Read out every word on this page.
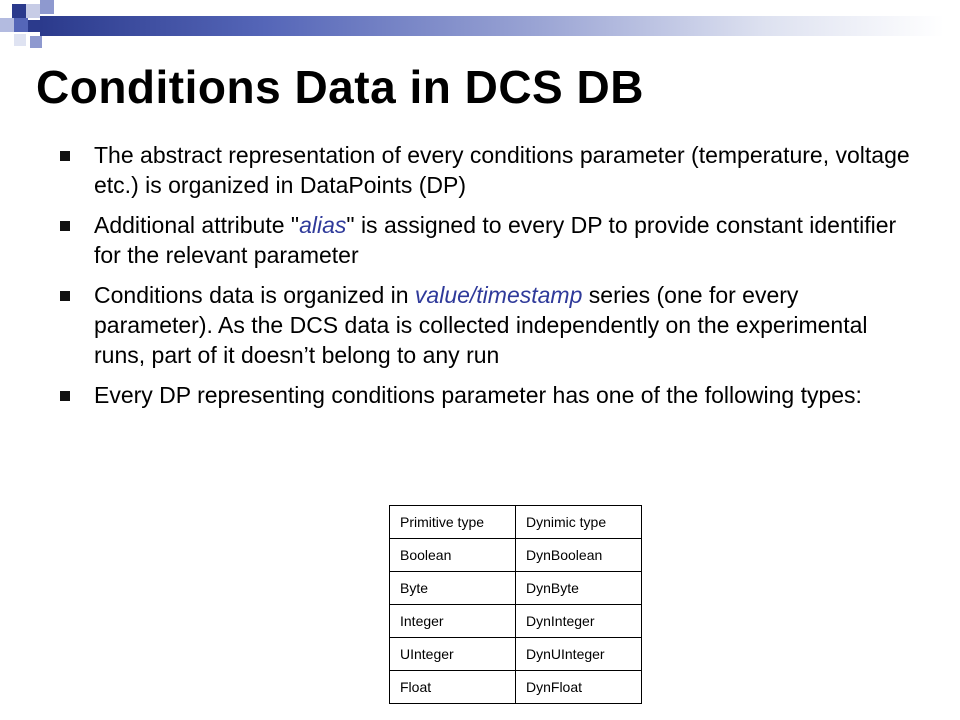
Conditions Data in DCS DB
The abstract representation of every conditions parameter (temperature, voltage etc.) is organized in DataPoints (DP)
Additional attribute "alias" is assigned to every DP to provide constant identifier for the relevant parameter
Conditions data is organized in value/timestamp series (one for every parameter). As the DCS data is collected independently on the experimental runs, part of it doesn’t belong to any run
Every DP representing conditions parameter has one of the following types:
Primitive type	Dynimic type
Boolean	DynBoolean
Byte	DynByte
Integer	DynInteger
UInteger	DynUInteger
Float	DynFloat
